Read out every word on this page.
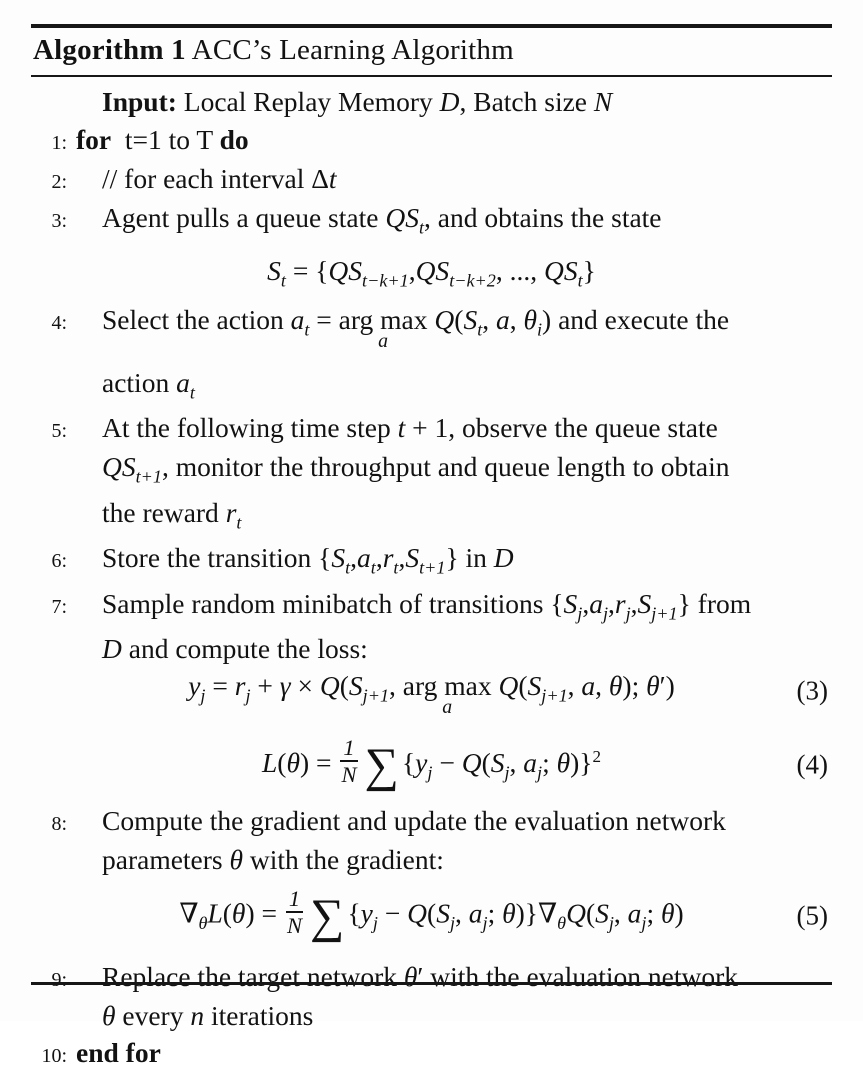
Algorithm 1 ACC’s Learning Algorithm
Input: Local Replay Memory D, Batch size N
1: for  t=1 to T do
2: // for each interval Δt
3: Agent pulls a queue state $QS_t$, and obtains the state
$S_t = \{QS_{t-k+1},QS_{t-k+2}$, ..., $QS_t$}
4: Select the action $a_t$ = arg max
a
$Q(S_t$, a, $\theta_i$) and execute the
action $a_t$
5: At the following time step t + 1, observe the queue state
$QS_{t+1}$, monitor the throughput and queue length to obtain
the reward $r_t$
6: Store the transition $\{S_t,a_t,r_t,S_{t+1}\}$ in D
7: Sample random minibatch of transitions $\{S_j,a_j,r_j,S_{j+1}\}$ from
D and compute the loss:
$y_j = r_j + \gamma \times Q(S_{j+1}$, arg max
a
$Q(S_{j+1}$, a, θ); θ′)	(3)
$L(\theta) = \frac{1}{N}$ ∑ {$y_j - Q(S_j$, $a_j$; θ)}$^2$	(4)
8: Compute the gradient and update the evaluation network
parameters θ with the gradient:
$\nabla_\theta L(\theta) = \frac{1}{N}$ ∑ {$y_j - Q(S_j$, $a_j$; $\theta)\}\nabla_\theta Q(S_j$, $a_j$; θ)	(5)
9: Replace the target network θ′ with the evaluation network
θ every n iterations
10: end for
